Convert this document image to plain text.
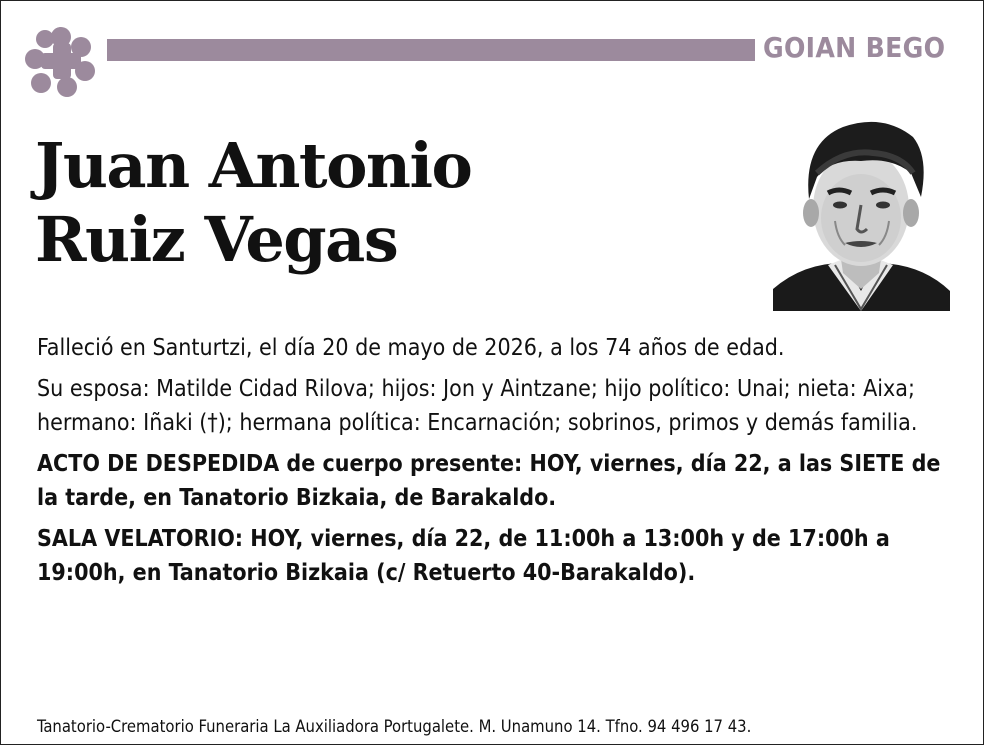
GOIAN BEGO
Juan Antonio
Ruiz Vegas

Falleció en Santurtzi, el día 20 de mayo de 2026, a los 74 años de edad.

Su esposa: Matilde Cidad Rilova; hijos: Jon y Aintzane; hijo político: Unai; nieta: Aixa; hermano: Iñaki (†); hermana política: Encarnación; sobrinos, primos y demás familia.

ACTO DE DESPEDIDA de cuerpo presente: HOY, viernes, día 22, a las SIETE de la tarde, en Tanatorio Bizkaia, de Barakaldo.

SALA VELATORIO: HOY, viernes, día 22, de 11:00h a 13:00h y de 17:00h a 19:00h, en Tanatorio Bizkaia (c/ Retuerto 40-Barakaldo).

Tanatorio-Crematorio Funeraria La Auxiliadora Portugalete. M. Unamuno 14. Tfno. 94 496 17 43.
